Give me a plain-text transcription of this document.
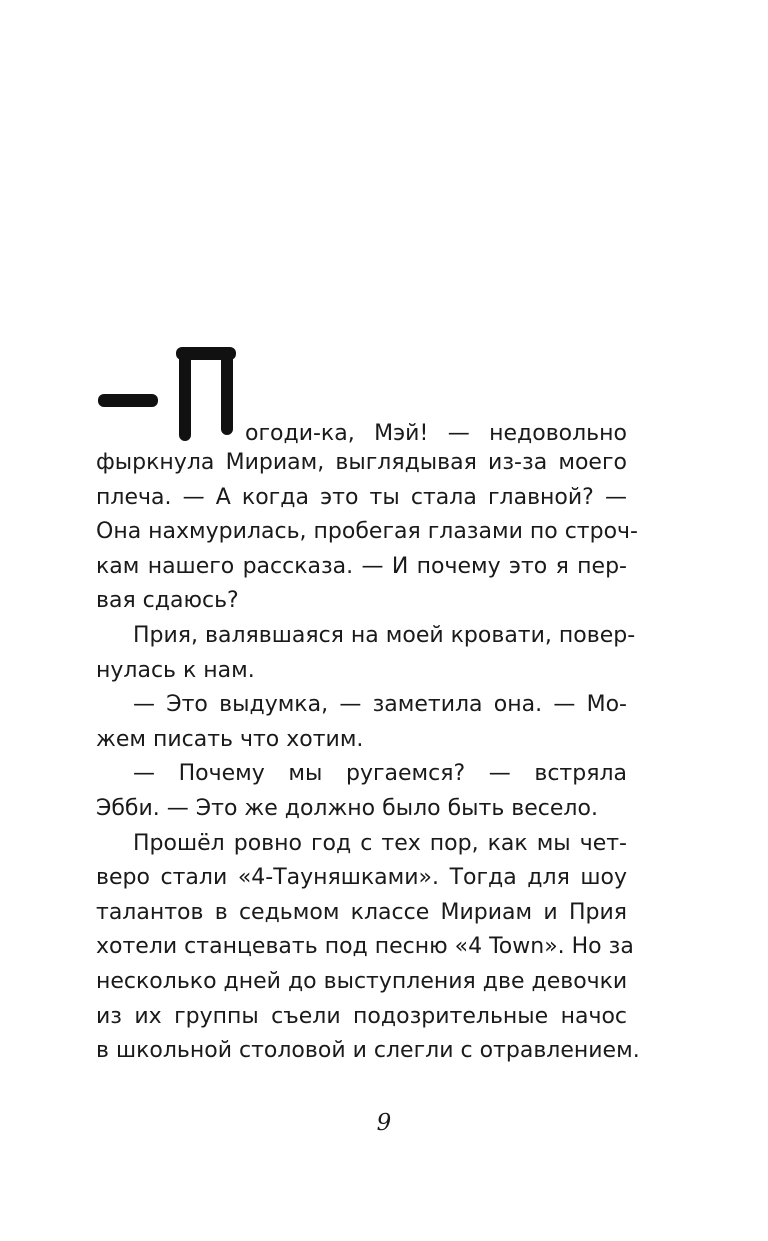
огоди-ка, Мэй! — недовольно
фыркнула Мириам, выглядывая из-за моего
плеча. — А когда это ты стала главной? —
Она нахмурилась, пробегая глазами по строч-
кам нашего рассказа. — И почему это я пер-
вая сдаюсь?
Прия, валявшаяся на моей кровати, повер-
нулась к нам.
— Это выдумка, — заметила она. — Мо-
жем писать что хотим.
— Почему мы ругаемся? — встряла
Эбби. — Это же должно было быть весело.
Прошёл ровно год с тех пор, как мы чет-
веро стали «4-Тауняшками». Тогда для шоу
талантов в седьмом классе Мириам и Прия
хотели станцевать под песню «4 Town». Но за
несколько дней до выступления две девочки
из их группы съели подозрительные начос
в школьной столовой и слегли с отравлением.
9
